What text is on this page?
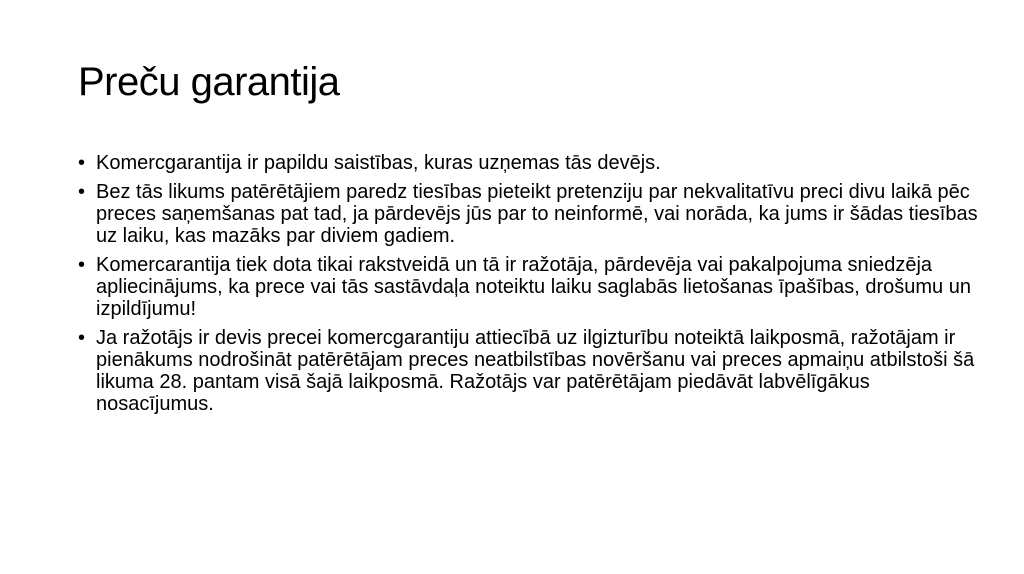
Preču garantija
• Komercgarantija ir papildu saistības, kuras uzņemas tās devējs.
• Bez tās likums patērētājiem paredz tiesības pieteikt pretenziju par nekvalitatīvu preci divu laikā pēc preces saņemšanas pat tad, ja pārdevējs jūs par to neinformē, vai norāda, ka jums ir šādas tiesības uz laiku, kas mazāks par diviem gadiem.
• Komercarantija tiek dota tikai rakstveidā un tā ir ražotāja, pārdevēja vai pakalpojuma sniedzēja apliecinājums, ka prece vai tās sastāvdaļa noteiktu laiku saglabās lietošanas īpašības, drošumu un izpildījumu!
• Ja ražotājs ir devis precei komercgarantiju attiecībā uz ilgizturību noteiktā laikposmā, ražotājam ir pienākums nodrošināt patērētājam preces neatbilstības novēršanu vai preces apmaiņu atbilstoši šā likuma 28. pantam visā šajā laikposmā. Ražotājs var patērētājam piedāvāt labvēlīgākus nosacījumus.
